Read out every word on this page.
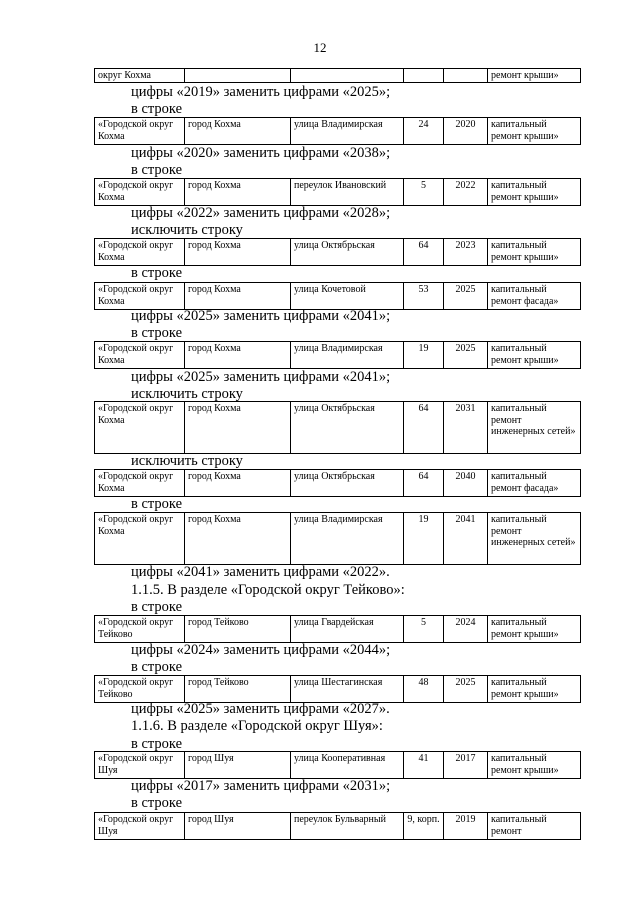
12
округ Кохма					ремонт крыши»
цифры «2019» заменить цифрами «2025»;
в строке
«Городской округ Кохма	город Кохма	улица Владимирская	24	2020	капитальный ремонт крыши»
цифры «2020» заменить цифрами «2038»;
в строке
«Городской округ Кохма	город Кохма	переулок Ивановский	5	2022	капитальный ремонт крыши»
цифры «2022» заменить цифрами «2028»;
исключить строку
«Городской округ Кохма	город Кохма	улица Октябрьская	64	2023	капитальный ремонт крыши»
в строке
«Городской округ Кохма	город Кохма	улица Кочетовой	53	2025	капитальный ремонт фасада»
цифры «2025» заменить цифрами «2041»;
в строке
«Городской округ Кохма	город Кохма	улица Владимирская	19	2025	капитальный ремонт крыши»
цифры «2025» заменить цифрами «2041»;
исключить строку
«Городской округ Кохма	город Кохма	улица Октябрьская	64	2031	капитальный ремонт инженерных сетей»
исключить строку
«Городской округ Кохма	город Кохма	улица Октябрьская	64	2040	капитальный ремонт фасада»
в строке
«Городской округ Кохма	город Кохма	улица Владимирская	19	2041	капитальный ремонт инженерных сетей»
цифры «2041» заменить цифрами «2022».
1.1.5. В разделе «Городской округ Тейково»:
в строке
«Городской округ Тейково	город Тейково	улица Гвардейская	5	2024	капитальный ремонт крыши»
цифры «2024» заменить цифрами «2044»;
в строке
«Городской округ Тейково	город Тейково	улица Шестагинская	48	2025	капитальный ремонт крыши»
цифры «2025» заменить цифрами «2027».
1.1.6. В разделе «Городской округ Шуя»:
в строке
«Городской округ Шуя	город Шуя	улица Кооперативная	41	2017	капитальный ремонт крыши»
цифры «2017» заменить цифрами «2031»;
в строке
«Городской округ Шуя	город Шуя	переулок Бульварный	9, корп.	2019	капитальный ремонт
